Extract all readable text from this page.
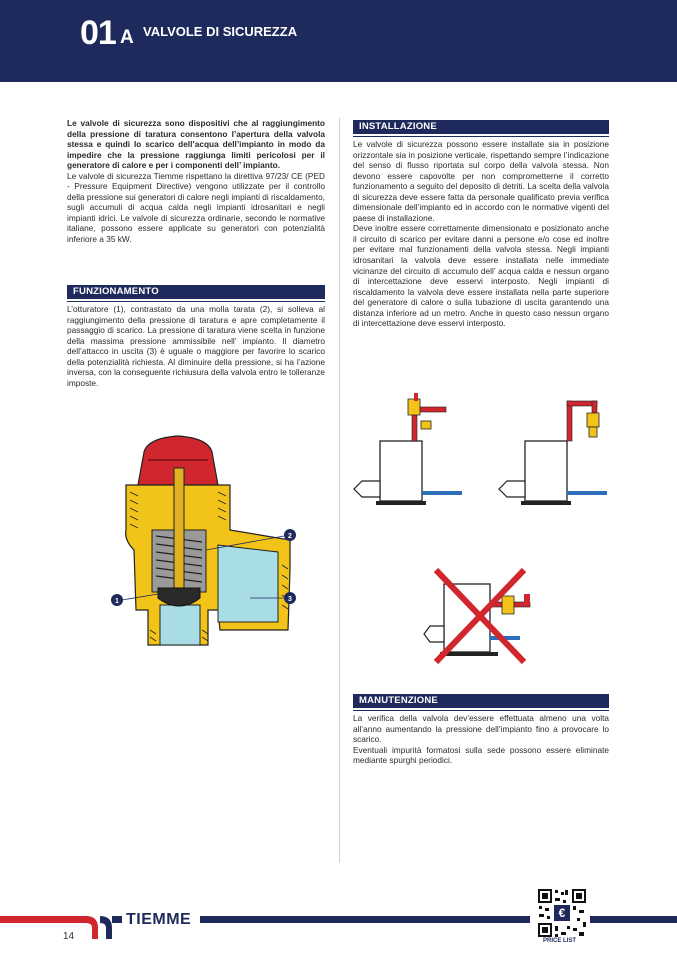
01 A VALVOLE DI SICUREZZA

Le valvole di sicurezza sono dispositivi che al raggiungimento della pressione di taratura consentono l’apertura della valvola stessa e quindi lo scarico dell’acqua dell’impianto in modo da impedire che la pressione raggiunga limiti pericolosi per il generatore di calore e per i componenti dell’ impianto.

Le valvole di sicurezza Tiemme rispettano la direttiva 97/23/ CE (PED - Pressure Equipment Directive) vengono utilizzate per il controllo della pressione sui generatori di calore negli impianti di riscaldamento, sugli accumuli di acqua calda negli impianti idrosanitari e negli impianti idrici. Le valvole di sicurezza ordinarie, secondo le normative italiane, possono essere applicate su generatori con potenzialità inferiore a 35 kW.

FUNZIONAMENTO

L’otturatore (1), contrastato da una molla tarata (2), si solleva al raggiungimento della pressione di taratura e apre completamente il passaggio di scarico. La pressione di taratura viene scelta in funzione della massima pressione ammissibile nell’ impianto. Il diametro dell’attacco in uscita (3) è uguale o maggiore per favorire lo scarico della potenzialità richiesta. Al diminuire della pressione, si ha l’azione inversa, con la conseguente richiusura della valvola entro le tolleranze imposte.

1
2
3
INSTALLAZIONE

Le valvole di sicurezza possono essere installate sia in posizione orizzontale sia in posizione verticale, rispettando sempre l’indicazione del senso di flusso riportata sul corpo della valvola stessa. Non devono essere capovolte per non comprometterne il corretto funzionamento a seguito del deposito di detriti. La scelta della valvola di sicurezza deve essere fatta da personale qualificato previa verifica dimensionale dell’impianto ed in accordo con le normative vigenti del paese di installazione.

Deve inoltre essere correttamente dimensionato e posizionato anche il circuito di scarico per evitare danni a persone e/o cose ed inoltre per evitare mal funzionamenti della valvola stessa. Negli impianti idrosanitari la valvola deve essere installata nelle immediate vicinanze del circuito di accumulo dell’ acqua calda e nessun organo di intercettazione deve esservi interposto. Negli impianti di riscaldamento la valvola deve essere installata nella parte superiore del generatore di calore o sulla tubazione di uscita garantendo una distanza inferiore ad un metro. Anche in questo caso nessun organo di intercettazione deve esservi interposto.

MANUTENZIONE

La verifica della valvola dev’essere effettuata almeno una volta all’anno aumentando la pressione dell’impianto fino a provocare lo scarico.

Eventuali impurità formatosi sulla sede possono essere eliminate mediante spurghi periodici.

14
TIEMME	€
PRICE LIST
